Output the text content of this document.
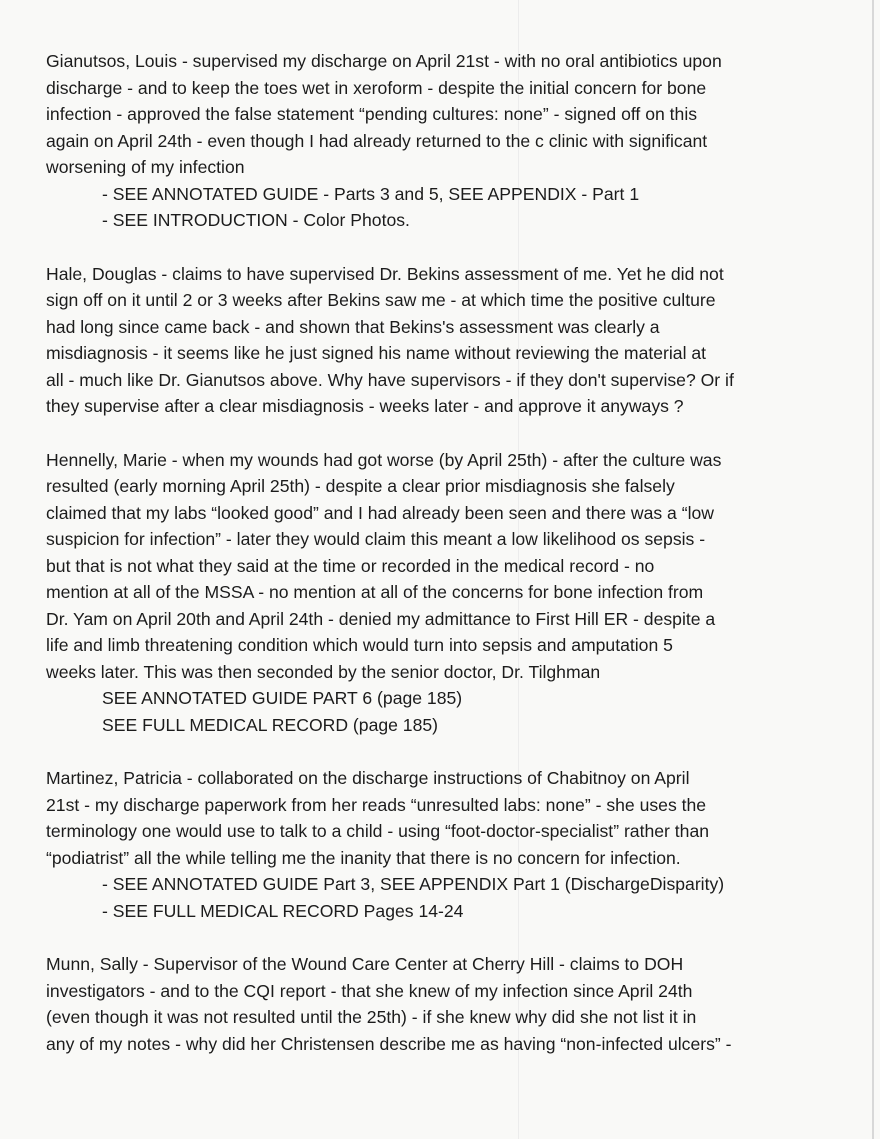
Gianutsos, Louis - supervised my discharge on April 21st - with no oral antibiotics upon
discharge - and to keep the toes wet in xeroform - despite the initial concern for bone
infection - approved the false statement “pending cultures: none” - signed off on this
again on April 24th - even though I had already returned to the c clinic with significant
worsening of my infection
- SEE ANNOTATED GUIDE - Parts 3 and 5, SEE APPENDIX - Part 1
- SEE INTRODUCTION - Color Photos.
Hale, Douglas - claims to have supervised Dr. Bekins assessment of me. Yet he did not
sign off on it until 2 or 3 weeks after Bekins saw me - at which time the positive culture
had long since came back - and shown that Bekins's assessment was clearly a
misdiagnosis - it seems like he just signed his name without reviewing the material at
all - much like Dr. Gianutsos above. Why have supervisors - if they don't supervise? Or if
they supervise after a clear misdiagnosis - weeks later - and approve it anyways ?
Hennelly, Marie - when my wounds had got worse (by April 25th) - after the culture was
resulted (early morning April 25th) - despite a clear prior misdiagnosis she falsely
claimed that my labs “looked good” and I had already been seen and there was a “low
suspicion for infection” - later they would claim this meant a low likelihood os sepsis -
but that is not what they said at the time or recorded in the medical record - no
mention at all of the MSSA - no mention at all of the concerns for bone infection from
Dr. Yam on April 20th and April 24th - denied my admittance to First Hill ER - despite a
life and limb threatening condition which would turn into sepsis and amputation 5
weeks later. This was then seconded by the senior doctor, Dr. Tilghman
SEE ANNOTATED GUIDE PART 6 (page 185)
SEE FULL MEDICAL RECORD (page 185)
Martinez, Patricia - collaborated on the discharge instructions of Chabitnoy on April
21st - my discharge paperwork from her reads “unresulted labs: none” - she uses the
terminology one would use to talk to a child - using “foot-doctor-specialist” rather than
“podiatrist” all the while telling me the inanity that there is no concern for infection.
- SEE ANNOTATED GUIDE Part 3, SEE APPENDIX Part 1 (DischargeDisparity)
- SEE FULL MEDICAL RECORD Pages 14-24
Munn, Sally - Supervisor of the Wound Care Center at Cherry Hill - claims to DOH
investigators - and to the CQI report - that she knew of my infection since April 24th
(even though it was not resulted until the 25th) - if she knew why did she not list it in
any of my notes - why did her Christensen describe me as having “non-infected ulcers” -
